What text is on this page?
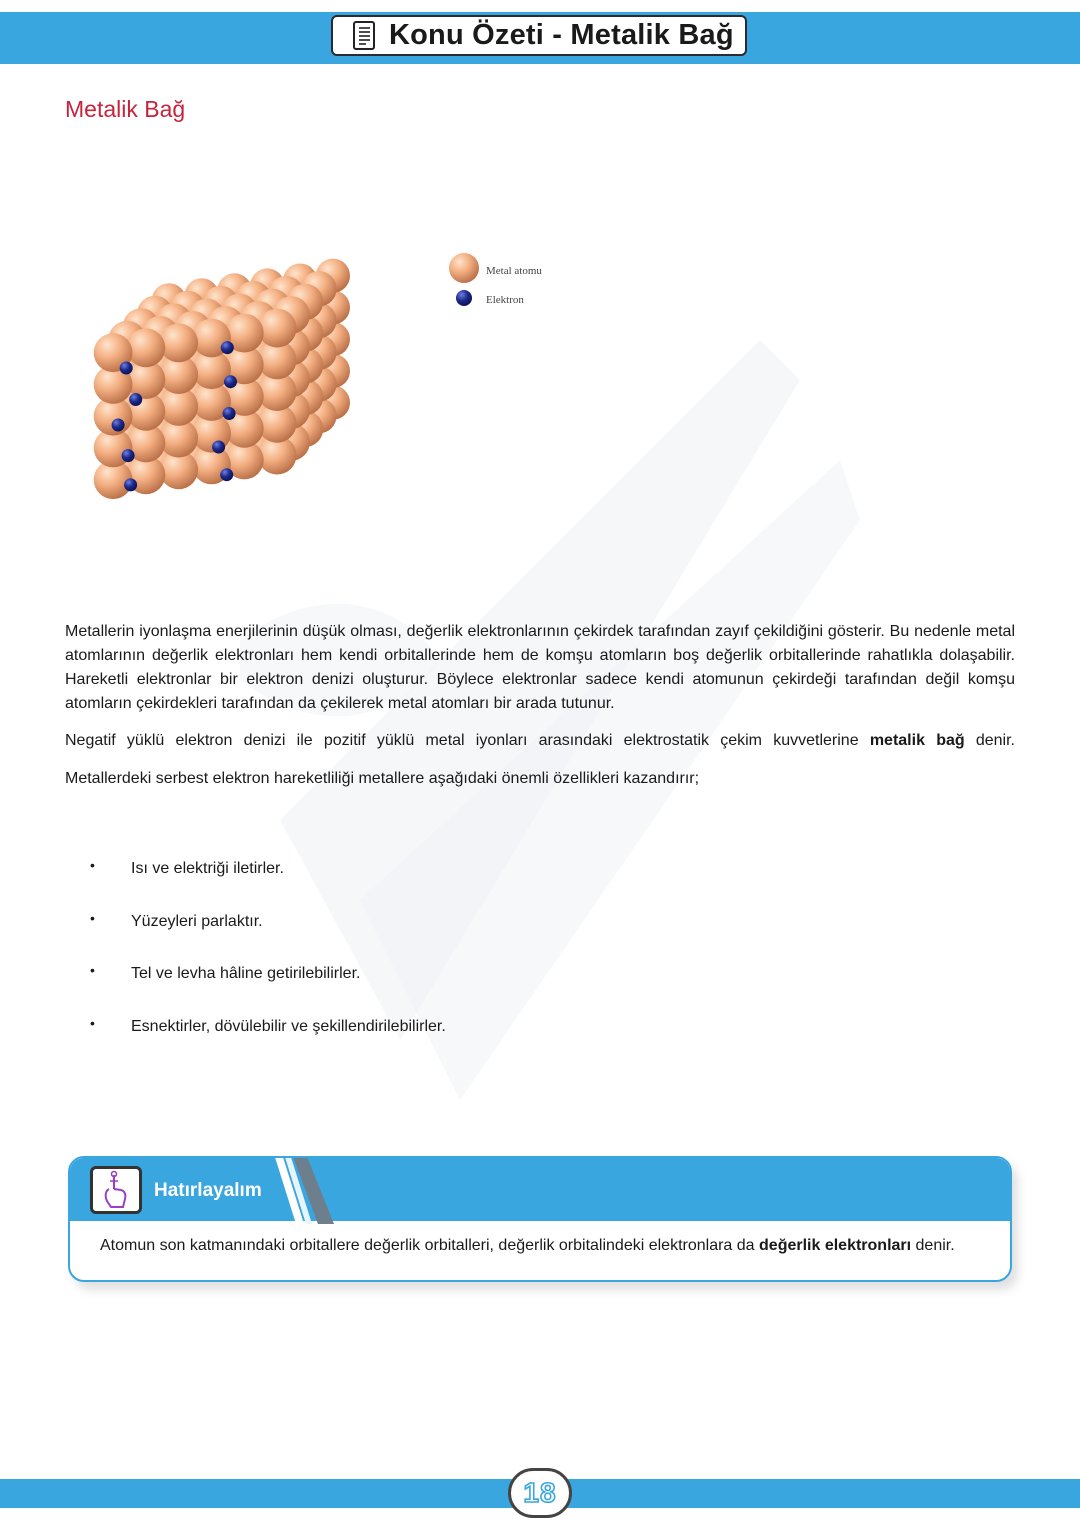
Konu Özeti - Metalik Bağ
Metalik Bağ
Metal atomu
Elektron

Metallerin iyonlaşma enerjilerinin düşük olması, değerlik elektronlarının çekirdek tarafından zayıf çekildiğini gösterir. Bu nedenle metal atomlarının değerlik elektronları hem kendi orbitallerinde hem de komşu atomların boş değerlik orbitallerinde rahatlıkla dolaşabilir. Hareketli elektronlar bir elektron denizi oluşturur. Böylece elektronlar sadece kendi atomunun çekirdeği tarafından değil komşu atomların çekirdekleri tarafından da çekilerek metal atomları bir arada tutunur.

Negatif yüklü elektron denizi ile pozitif yüklü metal iyonları arasındaki elektrostatik çekim kuvvetlerine metalik bağ denir.

Metallerdeki serbest elektron hareketliliği metallere aşağıdaki önemli özellikleri kazandırır;

• Isı ve elektriği iletirler.
• Yüzeyleri parlaktır.
• Tel ve levha hâline getirilebilirler.
• Esnektirler, dövülebilir ve şekillendirilebilirler.
Hatırlayalım
Atomun son katmanındaki orbitallere değerlik orbitalleri, değerlik orbitalindeki elektronlara da değerlik elektronları denir.
18
